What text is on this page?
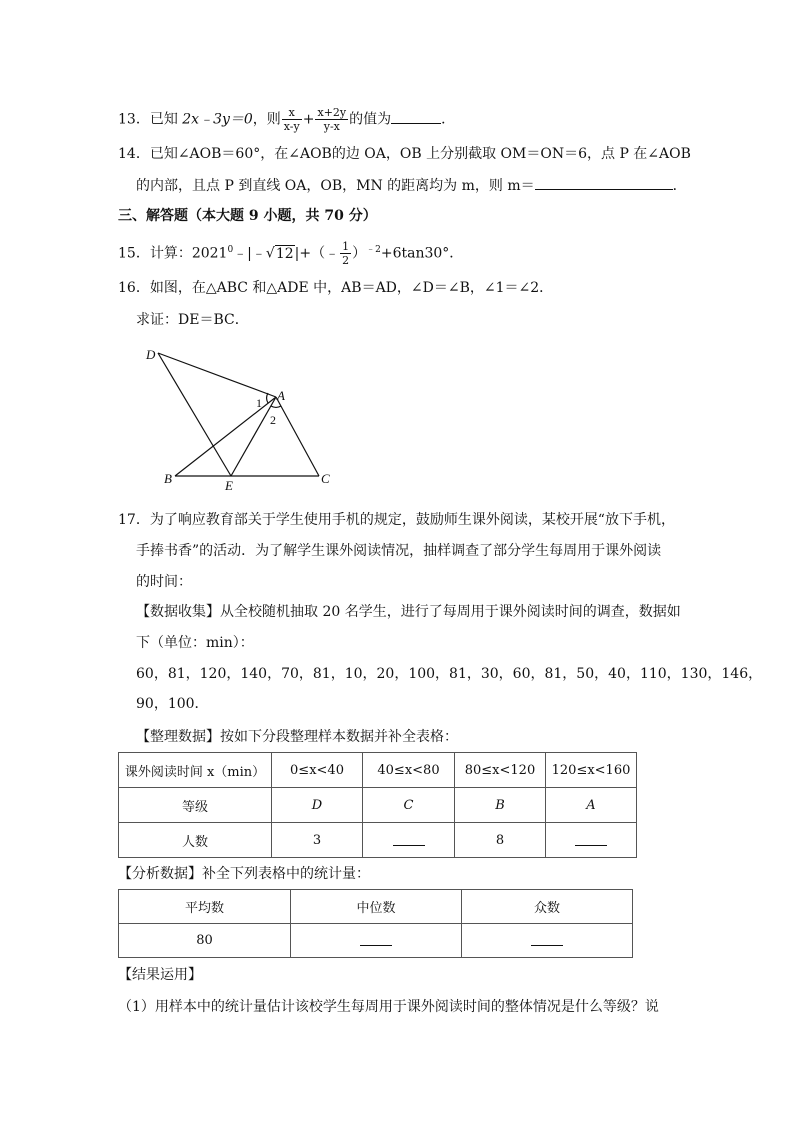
13．已知 2x﹣3y＝0，则 $\frac{x}{x-y} + \frac{x+2y}{y-x}$ 的值为	．
14．已知∠AOB＝60°，在∠AOB的边 OA，OB 上分别截取 OM＝ON＝6，点 P 在∠AOB
的内部，且点 P 到直线 OA，OB，MN 的距离均为 m，则 m＝	．
三、解答题（本大题 9 小题，共 70 分）
15．计算：$2021^0﹣|﹣√12|+(﹣ \frac{1}{2} )^{﹣2}+6\tan 30^\circ$．
16．如图，在△ABC 和△ADE 中，AB＝AD，∠D＝∠B，∠1＝∠2．
求证：DE＝BC．
D
A
B	E	C
1
2
17．为了响应教育部关于学生使用手机的规定，鼓励师生课外阅读，某校开展“放下手机，
手捧书香”的活动．为了解学生课外阅读情况，抽样调查了部分学生每周用于课外阅读
的时间：
【数据收集】从全校随机抽取 20 名学生，进行了每周用于课外阅读时间的调查，数据如
下（单位：min）：
60，81，120，140，70，81，10，20，100，81，30，60，81，50，40，110，130，146，
90，100．
【整理数据】按如下分段整理样本数据并补全表格：
课外阅读时间 x（min）	0≤x<40	40≤x<80	80≤x<120	120≤x<160
等级	D	C	B	A
人数	3		8	
【分析数据】补全下列表格中的统计量：
平均数	中位数	众数
80		
【结果运用】
（1）用样本中的统计量估计该校学生每周用于课外阅读时间的整体情况是什么等级？说
